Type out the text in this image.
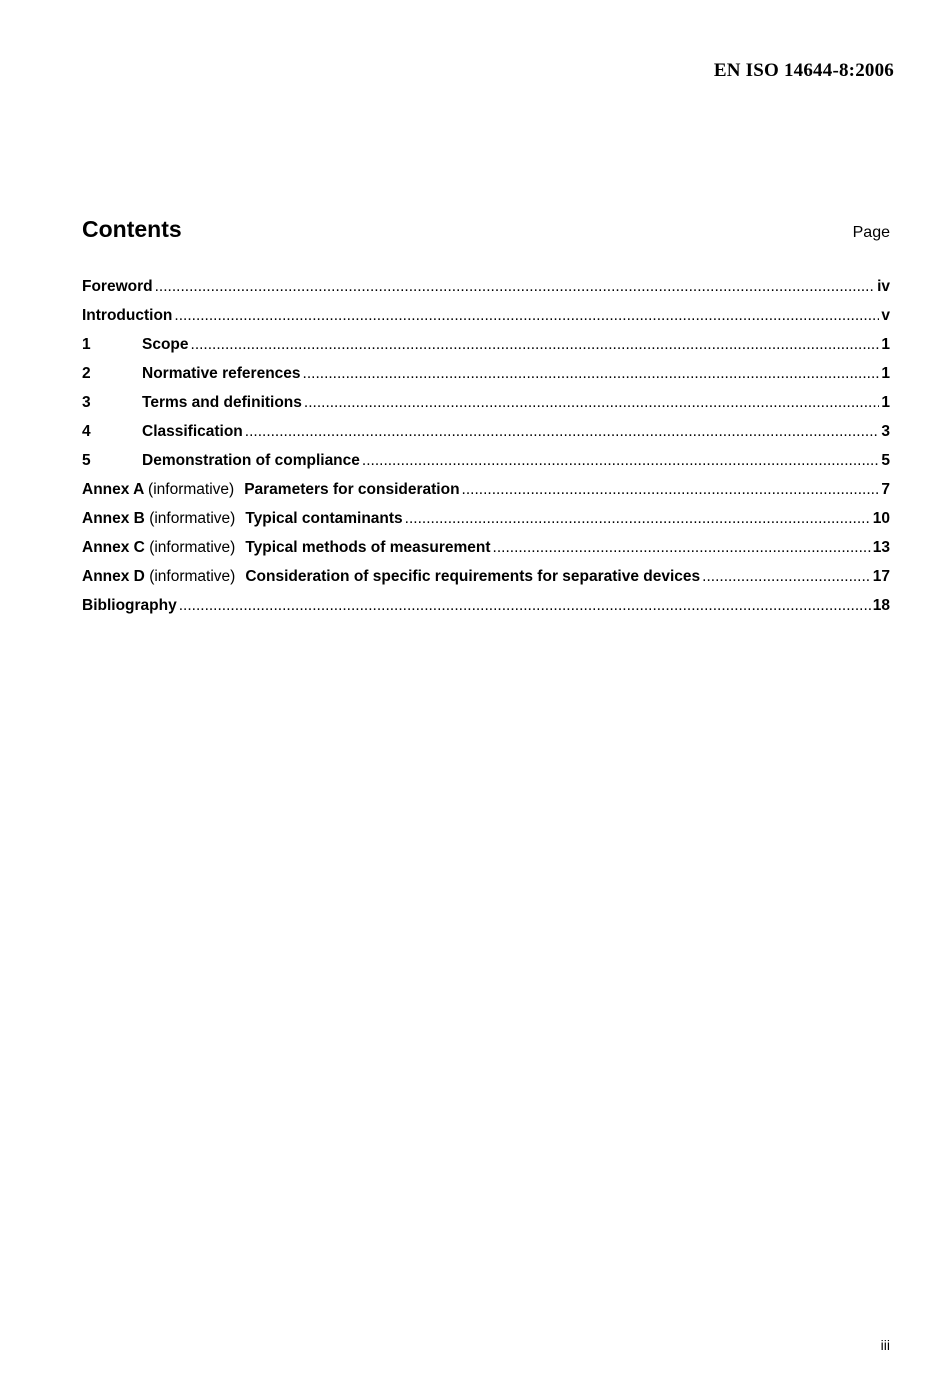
EN ISO 14644-8:2006
Contents	Page
Foreword .....	iv
Introduction .....	v
1	Scope .....	1
2	Normative references .....	1
3	Terms and definitions .....	1
4	Classification .....	3
5	Demonstration of compliance .....	5
Annex A (informative) Parameters for consideration .....	7
Annex B (informative) Typical contaminants .....	10
Annex C (informative) Typical methods of measurement .....	13
Annex D (informative) Consideration of specific requirements for separative devices .....	17
Bibliography .....	18
iii
